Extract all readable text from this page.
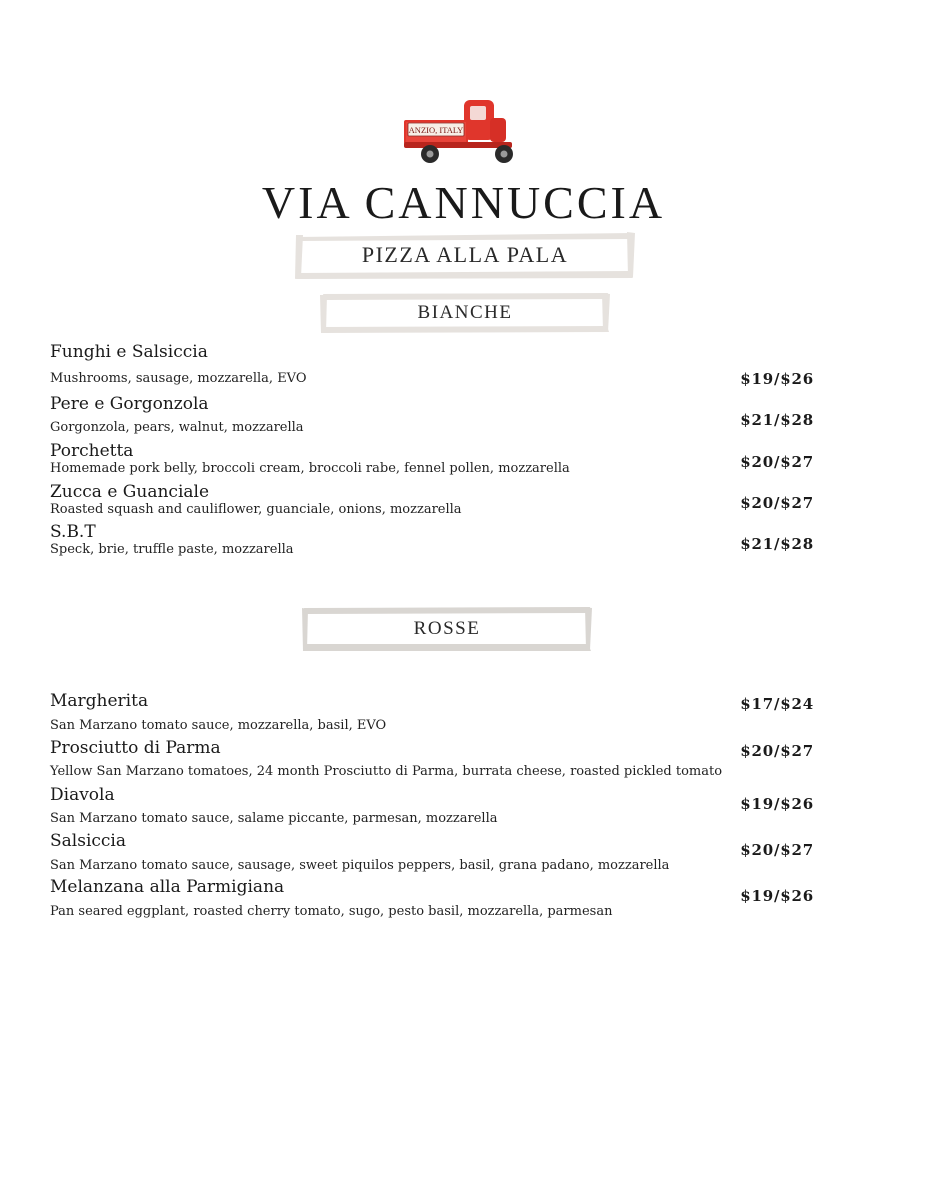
ANZIO, ITALY
VIA CANNUCCIA
PIZZA ALLA PALA
BIANCHE
ROSSE
Funghi e Salsiccia
Mushrooms, sausage, mozzarella, EVO	$19/$26
Pere e Gorgonzola
Gorgonzola, pears, walnut, mozzarella	$21/$28
Porchetta
Homemade pork belly, broccoli cream, broccoli rabe, fennel pollen, mozzarella	$20/$27
Zucca e Guanciale
Roasted squash and cauliflower, guanciale, onions, mozzarella	$20/$27
S.B.T
Speck, brie, truffle paste, mozzarella	$21/$28
Margherita
San Marzano tomato sauce, mozzarella, basil, EVO
$17/$24
Prosciutto di Parma
Yellow San Marzano tomatoes, 24 month Prosciutto di Parma, burrata cheese, roasted pickled tomato
$20/$27
Diavola
San Marzano tomato sauce, salame piccante, parmesan, mozzarella
$19/$26
Salsiccia
San Marzano tomato sauce, sausage, sweet piquilos peppers, basil, grana padano, mozzarella
$20/$27
Melanzana alla Parmigiana
Pan seared eggplant, roasted cherry tomato, sugo, pesto basil, mozzarella, parmesan
$19/$26
